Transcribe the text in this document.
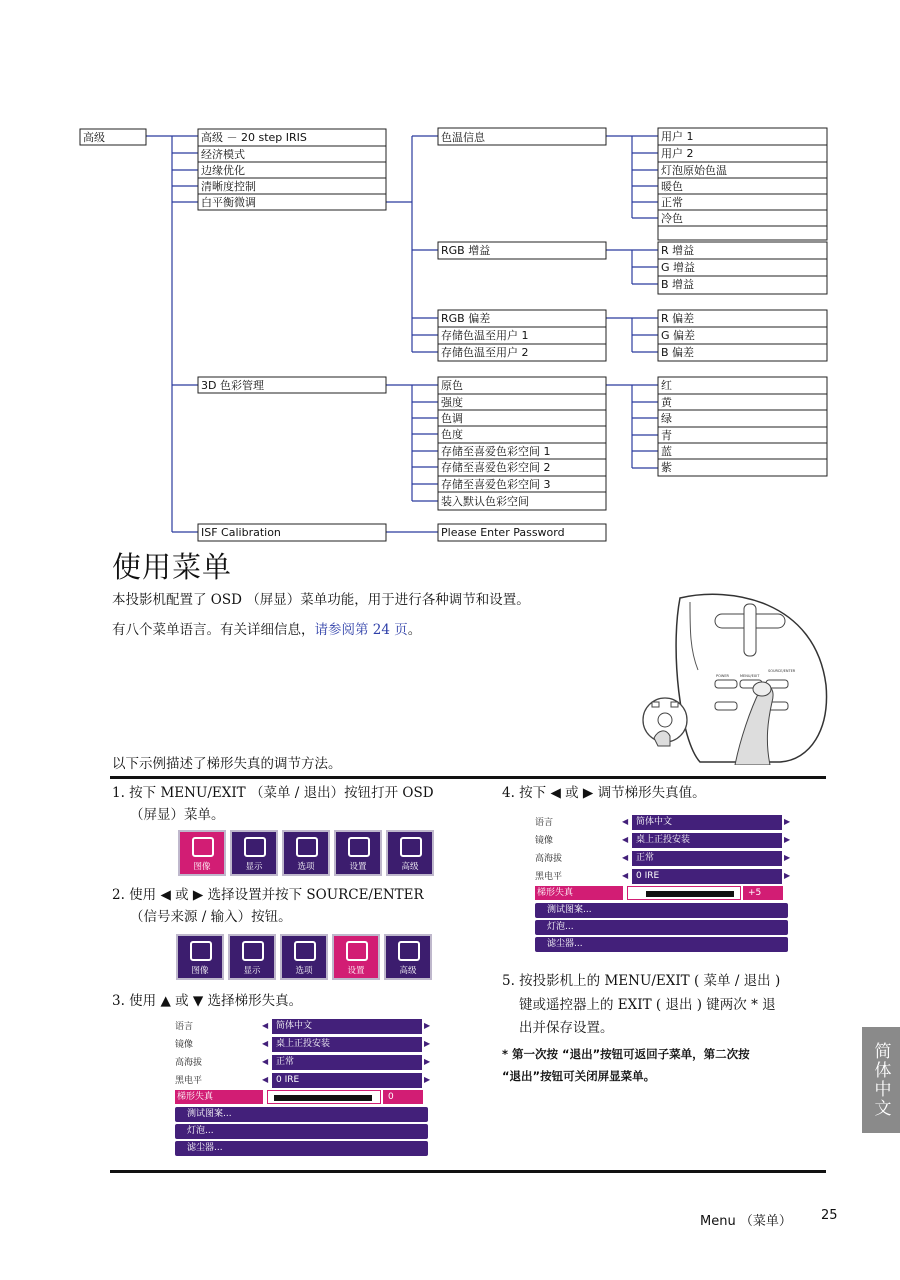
高级	高级 － 20 step IRIS
经济模式
边缘优化
清晰度控制
白平衡微调
3D 色彩管理
ISF Calibration
色温信息
RGB 增益
RGB 偏差
存储色温至用户 1
存储色温至用户 2
原色
强度
色调
色度
存储至喜爱色彩空间 1
存储至喜爱色彩空间 2
存储至喜爱色彩空间 3
装入默认色彩空间
Please Enter Password
用户 1
用户 2
灯泡原始色温
暖色
正常
冷色
R 增益
G 增益
B 增益
R 偏差
G 偏差
B 偏差
红
黄
绿
青
蓝
紫
使用菜单
本投影机配置了 OSD （屏显）菜单功能，用于进行各种调节和设置。
有八个菜单语言。有关详细信息，请参阅第 24 页。
POWER	MENU/EXIT
SOURCE/ENTER
以下示例描述了梯形失真的调节方法。
1. 按下 MENU/EXIT （菜单 / 退出）按钮打开 OSD
（屏显）菜单。
图像	显示	选项	设置	高级
2. 使用 ◀ 或 ▶ 选择设置并按下 SOURCE/ENTER
（信号来源 / 输入）按钮。
图像	显示	选项	设置	高级
3. 使用 ▲ 或 ▼ 选择梯形失真。
语言	◀ 简体中文	▶
镜像	◀ 桌上正投安装	▶
高海拔	◀ 正常	▶
黑电平	◀ 0 IRE	▶
梯形失真	0
测试图案...
灯泡...
滤尘器...
4. 按下 ◀ 或 ▶ 调节梯形失真值。
语言	◀ 简体中文	▶
镜像	◀ 桌上正投安装	▶
高海拔	◀ 正常	▶
黑电平	◀ 0 IRE	▶
梯形失真	+5
测试图案...
灯泡...
滤尘器...
5. 按投影机上的 MENU/EXIT ( 菜单 / 退出 )
键或遥控器上的 EXIT ( 退出 ) 键两次 * 退
出并保存设置。
* 第一次按 “退出”按钮可返回子菜单，第二次按
“退出”按钮可关闭屏显菜单。	简体中文
Menu （菜单） 25
